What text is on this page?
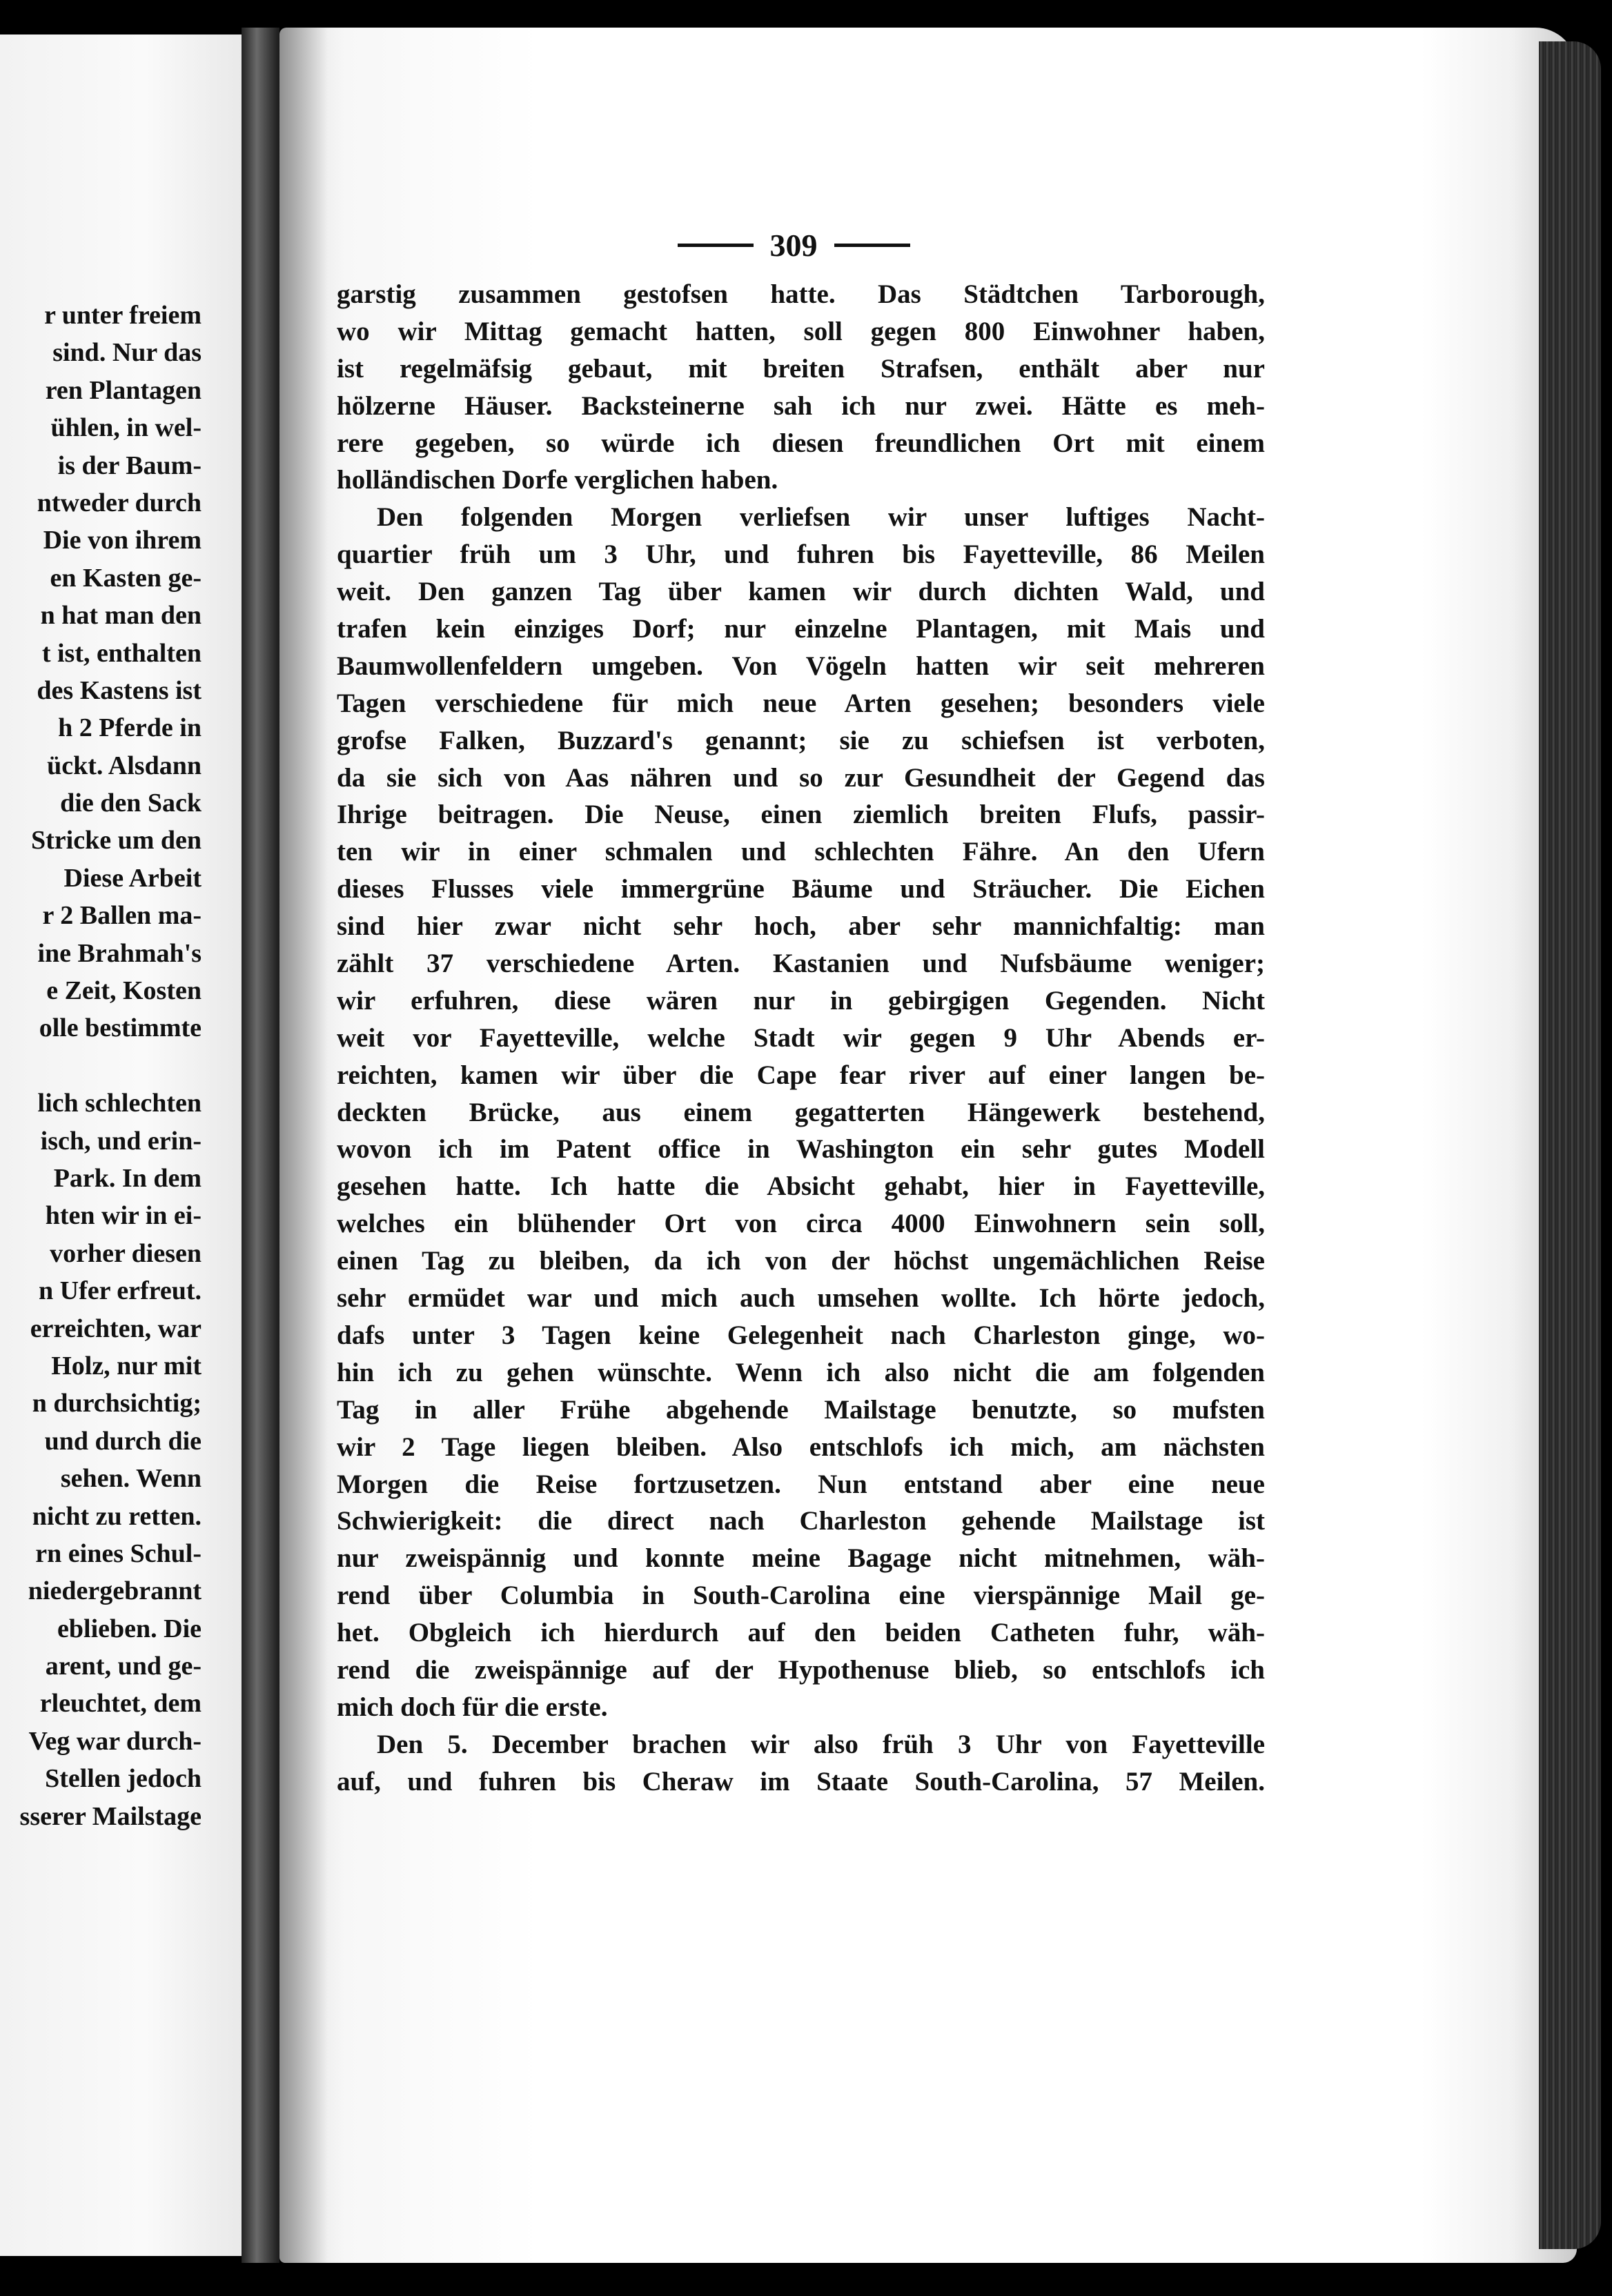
r unter freiem
sind. Nur das
ren Plantagen
ühlen, in wel-
is der Baum-
ntweder durch
Die von ihrem
en Kasten ge-
n hat man den
t ist, enthalten
des Kastens ist
h 2 Pferde in
ückt. Alsdann
die den Sack
Stricke um den
Diese Arbeit
r 2 Ballen ma-
ine Brahmah's
e Zeit, Kosten
olle bestimmte
lich schlechten
isch, und erin-
Park. In dem
hten wir in ei-
vorher diesen
n Ufer erfreut.
erreichten, war
Holz, nur mit
n durchsichtig;
und durch die
sehen. Wenn
nicht zu retten.
rn eines Schul-
niedergebrannt
eblieben. Die
arent, und ge-
rleuchtet, dem
Veg war durch-
Stellen jedoch
sserer Mailstage
309
garstig zusammen gestofsen hatte. Das Städtchen Tarborough,
wo wir Mittag gemacht hatten, soll gegen 800 Einwohner haben,
ist regelmäfsig gebaut, mit breiten Strafsen, enthält aber nur
hölzerne Häuser. Backsteinerne sah ich nur zwei. Hätte es meh-
rere gegeben, so würde ich diesen freundlichen Ort mit einem
holländischen Dorfe verglichen haben.
Den folgenden Morgen verliefsen wir unser luftiges Nacht-
quartier früh um 3 Uhr, und fuhren bis Fayetteville, 86 Meilen
weit. Den ganzen Tag über kamen wir durch dichten Wald, und
trafen kein einziges Dorf; nur einzelne Plantagen, mit Mais und
Baumwollenfeldern umgeben. Von Vögeln hatten wir seit mehreren
Tagen verschiedene für mich neue Arten gesehen; besonders viele
grofse Falken, Buzzard's genannt; sie zu schiefsen ist verboten,
da sie sich von Aas nähren und so zur Gesundheit der Gegend das
Ihrige beitragen. Die Neuse, einen ziemlich breiten Flufs, passir-
ten wir in einer schmalen und schlechten Fähre. An den Ufern
dieses Flusses viele immergrüne Bäume und Sträucher. Die Eichen
sind hier zwar nicht sehr hoch, aber sehr mannichfaltig: man
zählt 37 verschiedene Arten. Kastanien und Nufsbäume weniger;
wir erfuhren, diese wären nur in gebirgigen Gegenden. Nicht
weit vor Fayetteville, welche Stadt wir gegen 9 Uhr Abends er-
reichten, kamen wir über die Cape fear river auf einer langen be-
deckten Brücke, aus einem gegatterten Hängewerk bestehend,
wovon ich im Patent office in Washington ein sehr gutes Modell
gesehen hatte. Ich hatte die Absicht gehabt, hier in Fayetteville,
welches ein blühender Ort von circa 4000 Einwohnern sein soll,
einen Tag zu bleiben, da ich von der höchst ungemächlichen Reise
sehr ermüdet war und mich auch umsehen wollte. Ich hörte jedoch,
dafs unter 3 Tagen keine Gelegenheit nach Charleston ginge, wo-
hin ich zu gehen wünschte. Wenn ich also nicht die am folgenden
Tag in aller Frühe abgehende Mailstage benutzte, so mufsten
wir 2 Tage liegen bleiben. Also entschlofs ich mich, am nächsten
Morgen die Reise fortzusetzen. Nun entstand aber eine neue
Schwierigkeit: die direct nach Charleston gehende Mailstage ist
nur zweispännig und konnte meine Bagage nicht mitnehmen, wäh-
rend über Columbia in South-Carolina eine vierspännige Mail ge-
het. Obgleich ich hierdurch auf den beiden Catheten fuhr, wäh-
rend die zweispännige auf der Hypothenuse blieb, so entschlofs ich
mich doch für die erste.
Den 5. December brachen wir also früh 3 Uhr von Fayetteville
auf, und fuhren bis Cheraw im Staate South-Carolina, 57 Meilen.
